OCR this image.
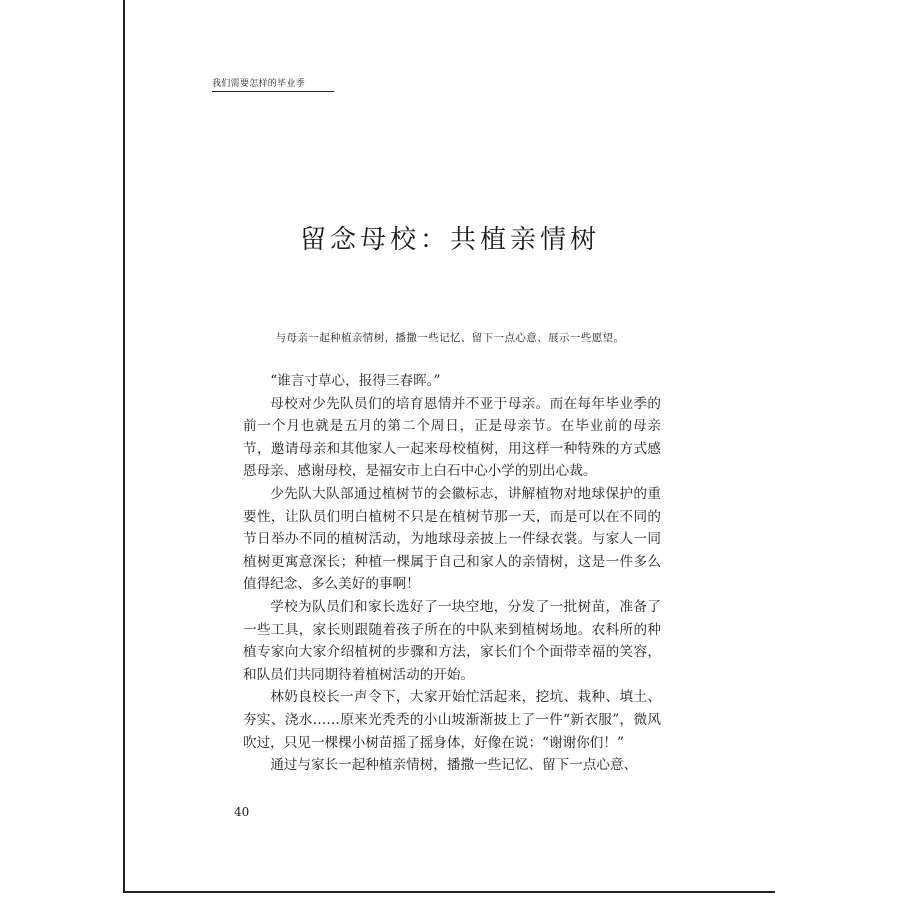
我们需要怎样的毕业季
留念母校：共植亲情树
与母亲一起种植亲情树，播撒一些记忆、留下一点心意、展示一些愿望。

“谁言寸草心，报得三春晖。”

母校对少先队员们的培育恩情并不亚于母亲。而在每年毕业季的前一个月也就是五月的第二个周日，正是母亲节。在毕业前的母亲节，邀请母亲和其他家人一起来母校植树，用这样一种特殊的方式感恩母亲、感谢母校，是福安市上白石中心小学的别出心裁。

少先队大队部通过植树节的会徽标志，讲解植物对地球保护的重要性，让队员们明白植树不只是在植树节那一天，而是可以在不同的节日举办不同的植树活动，为地球母亲披上一件绿衣裳。与家人一同植树更寓意深长；种植一棵属于自己和家人的亲情树，这是一件多么值得纪念、多么美好的事啊！

学校为队员们和家长选好了一块空地，分发了一批树苗，准备了一些工具，家长则跟随着孩子所在的中队来到植树场地。农科所的种植专家向大家介绍植树的步骤和方法，家长们个个面带幸福的笑容，和队员们共同期待着植树活动的开始。

林奶良校长一声令下，大家开始忙活起来，挖坑、栽种、填土、夯实、浇水……原来光秃秃的小山坡渐渐披上了一件“新衣服”，微风吹过，只见一棵棵小树苗摇了摇身体，好像在说：“谢谢你们！”

通过与家长一起种植亲情树，播撒一些记忆、留下一点心意、

40
